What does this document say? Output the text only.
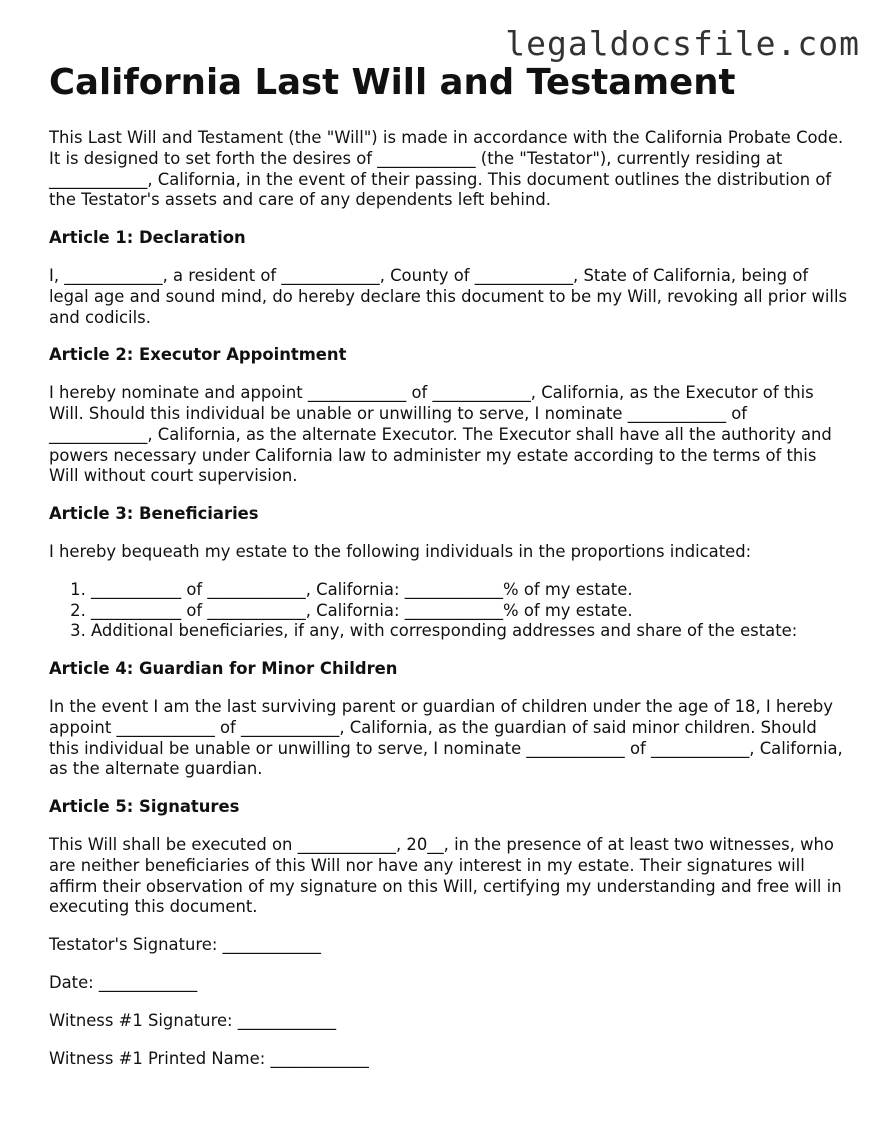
legaldocsfile.com
California Last Will and Testament

This Last Will and Testament (the "Will") is made in accordance with the California Probate Code. It is designed to set forth the desires of ____________ (the "Testator"), currently residing at ____________, California, in the event of their passing. This document outlines the distribution of the Testator's assets and care of any dependents left behind.

Article 1: Declaration

I, ____________, a resident of ____________, County of ____________, State of California, being of legal age and sound mind, do hereby declare this document to be my Will, revoking all prior wills and codicils.

Article 2: Executor Appointment

I hereby nominate and appoint ____________ of ____________, California, as the Executor of this Will. Should this individual be unable or unwilling to serve, I nominate ____________ of ____________, California, as the alternate Executor. The Executor shall have all the authority and powers necessary under California law to administer my estate according to the terms of this Will without court supervision.

Article 3: Beneficiaries

I hereby bequeath my estate to the following individuals in the proportions indicated:

1. ___________ of ____________, California: ____________% of my estate.
2. ___________ of ____________, California: ____________% of my estate.
3. Additional beneficiaries, if any, with corresponding addresses and share of the estate:
Article 4: Guardian for Minor Children

In the event I am the last surviving parent or guardian of children under the age of 18, I hereby appoint ____________ of ____________, California, as the guardian of said minor children. Should this individual be unable or unwilling to serve, I nominate ____________ of ____________, California, as the alternate guardian.

Article 5: Signatures

This Will shall be executed on ____________, 20__, in the presence of at least two witnesses, who are neither beneficiaries of this Will nor have any interest in my estate. Their signatures will affirm their observation of my signature on this Will, certifying my understanding and free will in executing this document.

Testator's Signature: ____________

Date: ____________

Witness #1 Signature: ____________

Witness #1 Printed Name: ____________
